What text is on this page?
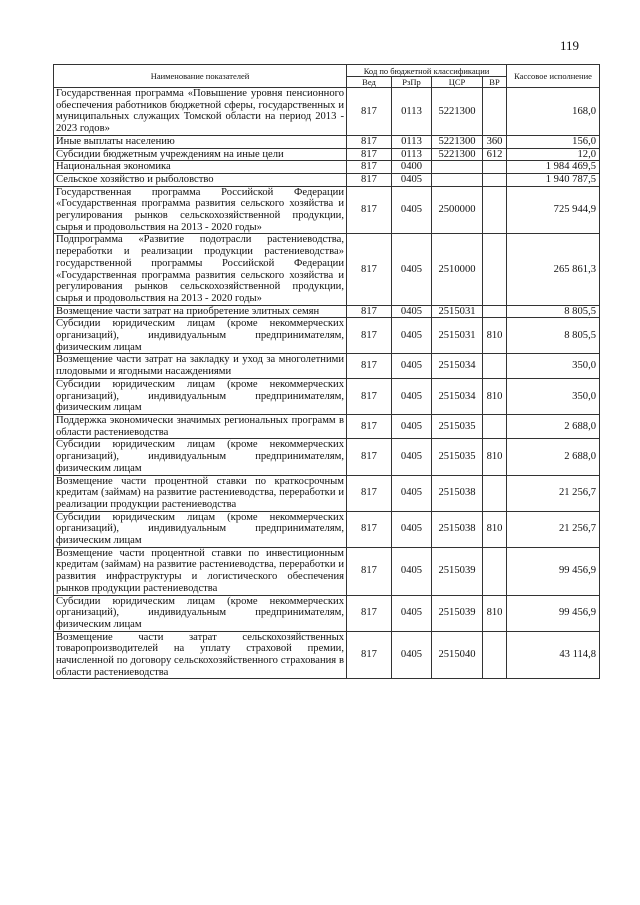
119
Наименование показателей	Код по бюджетной классификации				Кассовое исполнение
	Вед	РзПр	ЦСР	ВР	
Государственная программа «Повышение уровня пенсионного обеспечения работников бюджетной сферы, государственных и муниципальных служащих Томской области на период 2013 - 2023 годов»	817	0113	5221300		168,0
Иные выплаты населению	817	0113	5221300	360	156,0
Субсидии бюджетным учреждениям на иные цели	817	0113	5221300	612	12,0
Национальная экономика	817	0400			1 984 469,5
Сельское хозяйство и рыболовство	817	0405			1 940 787,5
Государственная программа Российской Федерации «Государственная программа развития сельского хозяйства и регулирования рынков сельскохозяйственной продукции, сырья и продовольствия на 2013 - 2020 годы»	817	0405	2500000		725 944,9
Подпрограмма «Развитие подотрасли растениеводства, переработки и реализации продукции растениеводства» государственной программы Российской Федерации «Государственная программа развития сельского хозяйства и регулирования рынков сельскохозяйственной продукции, сырья и продовольствия на 2013 - 2020 годы»	817	0405	2510000		265 861,3
Возмещение части затрат на приобретение элитных семян	817	0405	2515031		8 805,5
Субсидии юридическим лицам (кроме некоммерческих организаций), индивидуальным предпринимателям, физическим лицам	817	0405	2515031	810	8 805,5
Возмещение части затрат на закладку и уход за многолетними плодовыми и ягодными насаждениями	817	0405	2515034		350,0
Субсидии юридическим лицам (кроме некоммерческих организаций), индивидуальным предпринимателям, физическим лицам	817	0405	2515034	810	350,0
Поддержка экономически значимых региональных программ в области растениеводства	817	0405	2515035		2 688,0
Субсидии юридическим лицам (кроме некоммерческих организаций), индивидуальным предпринимателям, физическим лицам	817	0405	2515035	810	2 688,0
Возмещение части процентной ставки по краткосрочным кредитам (займам) на развитие растениеводства, переработки и реализации продукции растениеводства	817	0405	2515038		21 256,7
Субсидии юридическим лицам (кроме некоммерческих организаций), индивидуальным предпринимателям, физическим лицам	817	0405	2515038	810	21 256,7
Возмещение части процентной ставки по инвестиционным кредитам (займам) на развитие растениеводства, переработки и развития инфраструктуры и логистического обеспечения рынков продукции растениеводства	817	0405	2515039		99 456,9
Субсидии юридическим лицам (кроме некоммерческих организаций), индивидуальным предпринимателям, физическим лицам	817	0405	2515039	810	99 456,9
Возмещение части затрат сельскохозяйственных товаропроизводителей на уплату страховой премии, начисленной по договору сельскохозяйственного страхования в области растениеводства	817	0405	2515040		43 114,8
